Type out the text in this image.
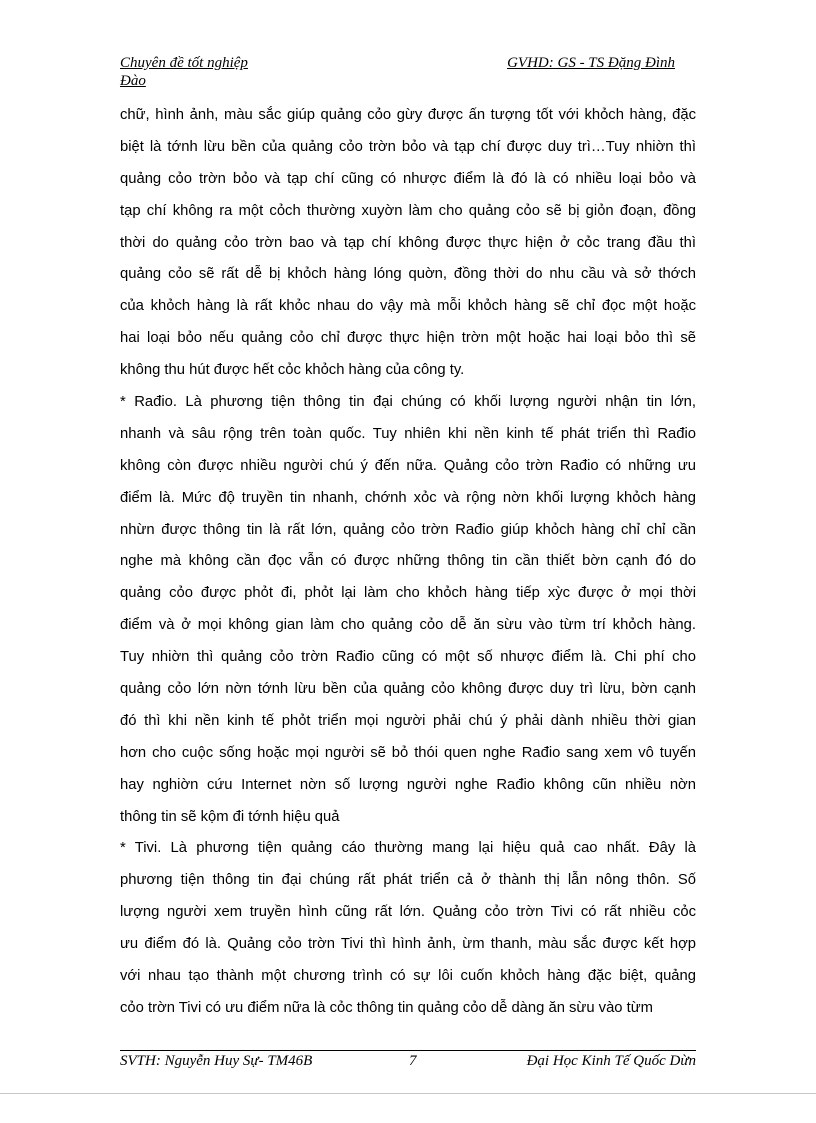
Chuyên đề tốt nghiệp	GVHD: GS - TS Đặng Đình
Đào
chữ, hình ảnh, màu sắc giúp quảng cỏo gừy được ấn tượng tốt với khỏch hàng, đặc
biệt là tớnh lừu bền của quảng cỏo trờn bỏo và tạp chí được duy trì…Tuy nhiờn thì
quảng cỏo trờn bỏo và tạp chí cũng có nhược điểm là đó là có nhiều loại bỏo và
tạp chí không ra một cỏch thường xuyờn làm cho quảng cỏo sẽ bị giỏn đoạn, đồng
thời do quảng cỏo trờn bao và tạp chí không được thực hiện ở cỏc trang đầu thì
quảng cỏo sẽ rất dễ bị khỏch hàng lóng quờn, đồng thời do nhu cầu và sở thớch
của khỏch hàng là rất khỏc nhau do vậy mà mỗi khỏch hàng sẽ chỉ đọc một hoặc
hai loại bỏo nếu quảng cỏo chỉ được thực hiện trờn một hoặc hai loại bỏo thì sẽ
không thu hút được hết cỏc khỏch hàng của công ty.
* Rađio. Là phương tiện thông tin đại chúng có khối lượng người nhận tin lớn,
nhanh và sâu rộng trên toàn quốc. Tuy nhiên khi nền kinh tế phát triển thì Rađio
không còn được nhiều người chú ý đến nữa. Quảng cỏo trờn Rađio có những ưu
điểm là. Mức độ truyền tin nhanh, chớnh xỏc và rộng nờn khối lượng khỏch hàng
nhừn được thông tin là rất lớn, quảng cỏo trờn Rađio giúp khỏch hàng chỉ chỉ cần
nghe mà không cần đọc vẫn có được những thông tin cần thiết bờn cạnh đó do
quảng cỏo được phỏt đi, phỏt lại làm cho khỏch hàng tiếp xỳc được ở mọi thời
điểm và ở mọi không gian làm cho quảng cỏo dễ ăn sừu vào từm trí khỏch hàng.
Tuy nhiờn thì quảng cỏo trờn Rađio cũng có một số nhược điểm là. Chi phí cho
quảng cỏo lớn nờn tớnh lừu bền của quảng cỏo không được duy trì lừu, bờn cạnh
đó thì khi nền kinh tế phỏt triển mọi người phải chú ý phải dành nhiều thời gian
hơn cho cuộc sống hoặc mọi người sẽ bỏ thói quen nghe Rađio sang xem vô tuyến
hay nghiờn cứu Internet nờn số lượng người nghe Rađio không cũn nhiều nờn
thông tin sẽ kộm đi tớnh hiệu quả
* Tivi. Là phương tiện quảng cáo thường mang lại hiệu quả cao nhất. Đây là
phương tiện thông tin đại chúng rất phát triển cả ở thành thị lẫn nông thôn. Số
lượng người xem truyền hình cũng rất lớn. Quảng cỏo trờn Tivi có rất nhiều cỏc
ưu điểm đó là. Quảng cỏo trờn Tivi thì hình ảnh, ừm thanh, màu sắc được kết hợp
với nhau tạo thành một chương trình có sự lôi cuốn khỏch hàng đặc biệt, quảng
cỏo trờn Tivi có ưu điểm nữa là cỏc thông tin quảng cỏo dễ dàng ăn sừu vào từm
SVTH: Nguyễn Huy Sự- TM46B	7	Đại Học Kinh Tế Quốc Dừn
